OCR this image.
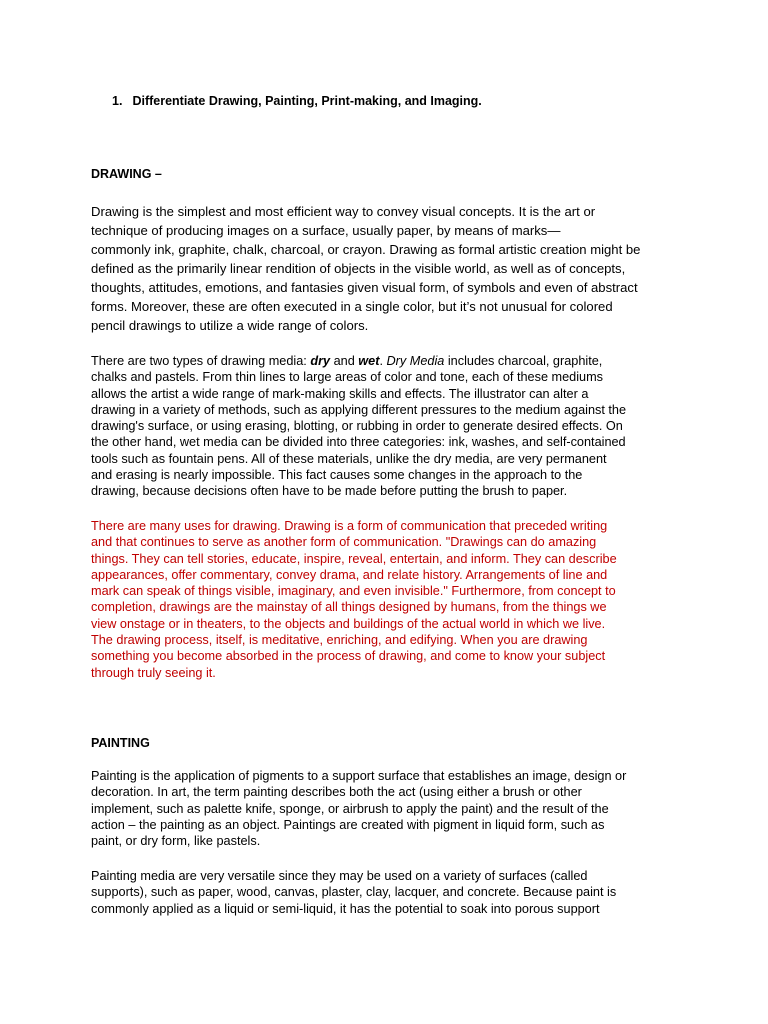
1. Differentiate Drawing, Painting, Print-making, and Imaging.
DRAWING –

Drawing is the simplest and most efficient way to convey visual concepts. It is the art or
technique of producing images on a surface, usually paper, by means of marks—
commonly ink, graphite, chalk, charcoal, or crayon. Drawing as formal artistic creation might be
defined as the primarily linear rendition of objects in the visible world, as well as of concepts,
thoughts, attitudes, emotions, and fantasies given visual form, of symbols and even of abstract
forms. Moreover, these are often executed in a single color, but it’s not unusual for colored
pencil drawings to utilize a wide range of colors.

There are two types of drawing media: dry and wet. Dry Media includes charcoal, graphite,
chalks and pastels. From thin lines to large areas of color and tone, each of these mediums
allows the artist a wide range of mark-making skills and effects. The illustrator can alter a
drawing in a variety of methods, such as applying different pressures to the medium against the
drawing's surface, or using erasing, blotting, or rubbing in order to generate desired effects. On
the other hand, wet media can be divided into three categories: ink, washes, and self-contained
tools such as fountain pens. All of these materials, unlike the dry media, are very permanent
and erasing is nearly impossible. This fact causes some changes in the approach to the
drawing, because decisions often have to be made before putting the brush to paper.

There are many uses for drawing. Drawing is a form of communication that preceded writing
and that continues to serve as another form of communication. "Drawings can do amazing
things. They can tell stories, educate, inspire, reveal, entertain, and inform. They can describe
appearances, offer commentary, convey drama, and relate history. Arrangements of line and
mark can speak of things visible, imaginary, and even invisible." Furthermore, from concept to
completion, drawings are the mainstay of all things designed by humans, from the things we
view onstage or in theaters, to the objects and buildings of the actual world in which we live.
The drawing process, itself, is meditative, enriching, and edifying. When you are drawing
something you become absorbed in the process of drawing, and come to know your subject
through truly seeing it.

PAINTING

Painting is the application of pigments to a support surface that establishes an image, design or
decoration. In art, the term painting describes both the act (using either a brush or other
implement, such as palette knife, sponge, or airbrush to apply the paint) and the result of the
action – the painting as an object. Paintings are created with pigment in liquid form, such as
paint, or dry form, like pastels.

Painting media are very versatile since they may be used on a variety of surfaces (called
supports), such as paper, wood, canvas, plaster, clay, lacquer, and concrete. Because paint is
commonly applied as a liquid or semi-liquid, it has the potential to soak into porous support
